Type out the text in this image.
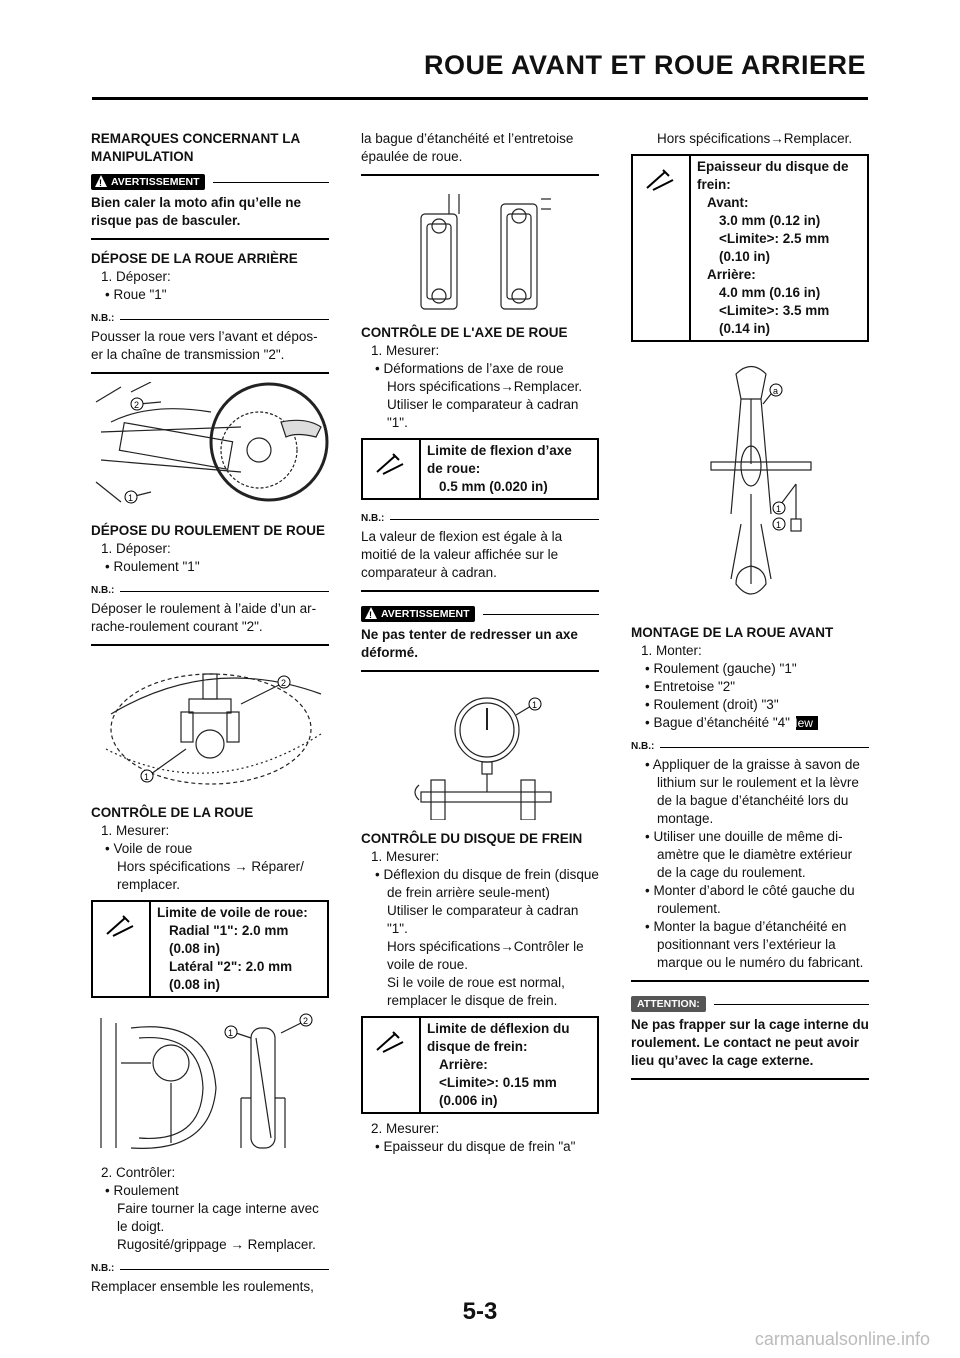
ROUE AVANT ET ROUE ARRIERE
REMARQUES CONCERNANT LA MANIPULATION
!
AVERTISSEMENT
Bien caler la moto afin qu’elle ne risque pas de basculer.
DÉPOSE DE LA ROUE ARRIÈRE
1. Déposer:
• Roue "1"
N.B.:
Pousser la roue vers l’avant et dépos-er la chaîne de transmission "2".
1
2
DÉPOSE DU ROULEMENT DE ROUE
1. Déposer:
• Roulement "1"
N.B.:
Déposer le roulement à l’aide d’un ar-rache-roulement courant "2".
1
2
CONTRÔLE DE LA ROUE
1. Mesurer:
• Voile de roue
Hors spécifications → Réparer/
remplacer.
Limite de voile de roue:
Radial "1": 2.0 mm
(0.08 in)
Latéral "2": 2.0 mm
(0.08 in)
1
2
2. Contrôler:
• Roulement
Faire tourner la cage interne avec le doigt.
Rugosité/grippage → Remplacer.
N.B.:
Remplacer ensemble les roulements,
la bague d’étanchéité et l’entretoise épaulée de roue.
CONTRÔLE DE L'AXE DE ROUE
1. Mesurer:
• Déformations de l’axe de roue
Hors spécifications → Remplacer.
Utiliser le comparateur à cadran "1".
Limite de flexion d’axe de roue:
0.5 mm (0.020 in)
N.B.:
La valeur de flexion est égale à la moitié de la valeur affichée sur le comparateur à cadran.
!
AVERTISSEMENT
Ne pas tenter de redresser un axe déformé.
1
CONTRÔLE DU DISQUE DE FREIN
1. Mesurer:
• Déflexion du disque de frein (disque de frein arrière seule-ment)
Utiliser le comparateur à cadran "1".
Hors spécifications → Contrôler le voile de roue.
Si le voile de roue est normal, remplacer le disque de frein.
Limite de déflexion du disque de frein:
Arrière:
<Limite>: 0.15 mm
(0.006 in)
2. Mesurer:
• Epaisseur du disque de frein "a"
Hors spécifications → Remplacer.
Epaisseur du disque de frein:
Avant:
3.0 mm (0.12 in)
<Limite>: 2.5 mm
(0.10 in)
Arrière:
4.0 mm (0.16 in)
<Limite>: 3.5 mm
(0.14 in)
a
1
1
MONTAGE DE LA ROUE AVANT
1. Monter:
• Roulement (gauche) "1"
• Entretoise "2"
• Roulement (droit) "3"
• Bague d’étanchéité "4"New
N.B.:
• Appliquer de la graisse à savon de lithium sur le roulement et la lèvre de la bague d’étanchéité lors du montage.
• Utiliser une douille de même di-amètre que le diamètre extérieur de la cage du roulement.
• Monter d’abord le côté gauche du roulement.
• Monter la bague d’étanchéité en positionnant vers l’extérieur la marque ou le numéro du fabricant.
ATTENTION:
Ne pas frapper sur la cage interne du roulement. Le contact ne peut avoir lieu qu’avec la cage externe.
5-3
carmanualsonline.info
